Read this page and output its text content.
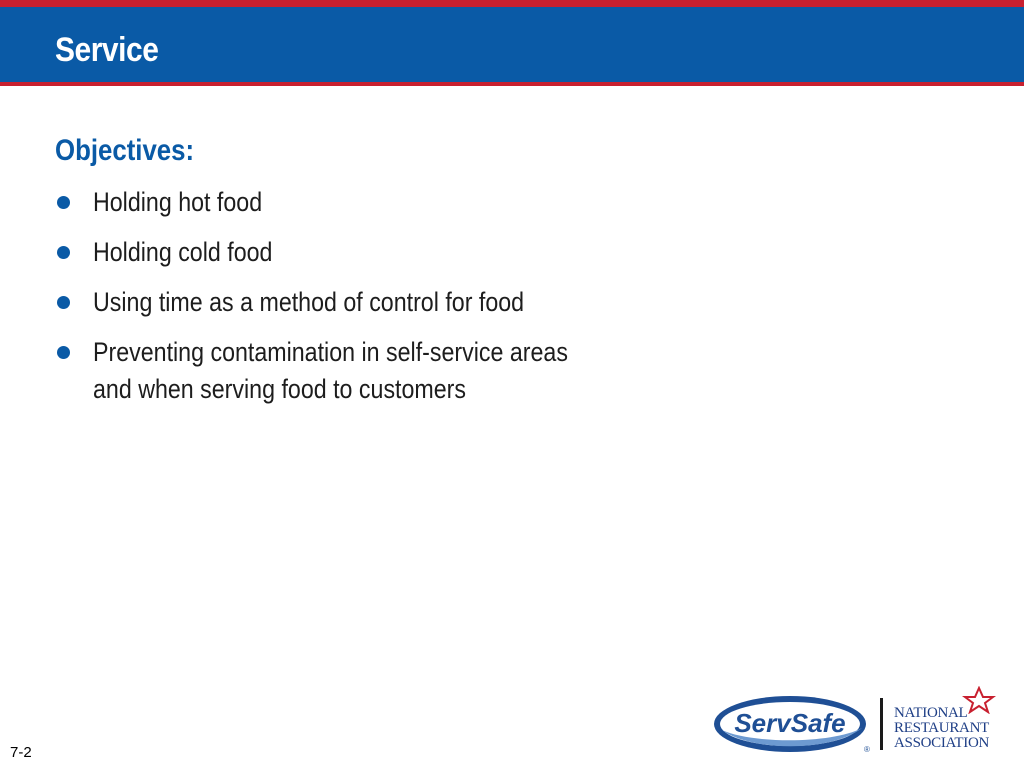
Service
Objectives:
Holding hot food
Holding cold food
Using time as a method of control for food
Preventing contamination in self-service areas and when serving food to customers
7-2
ServSafe
®
NATIONAL
RESTAURANT
ASSOCIATION
